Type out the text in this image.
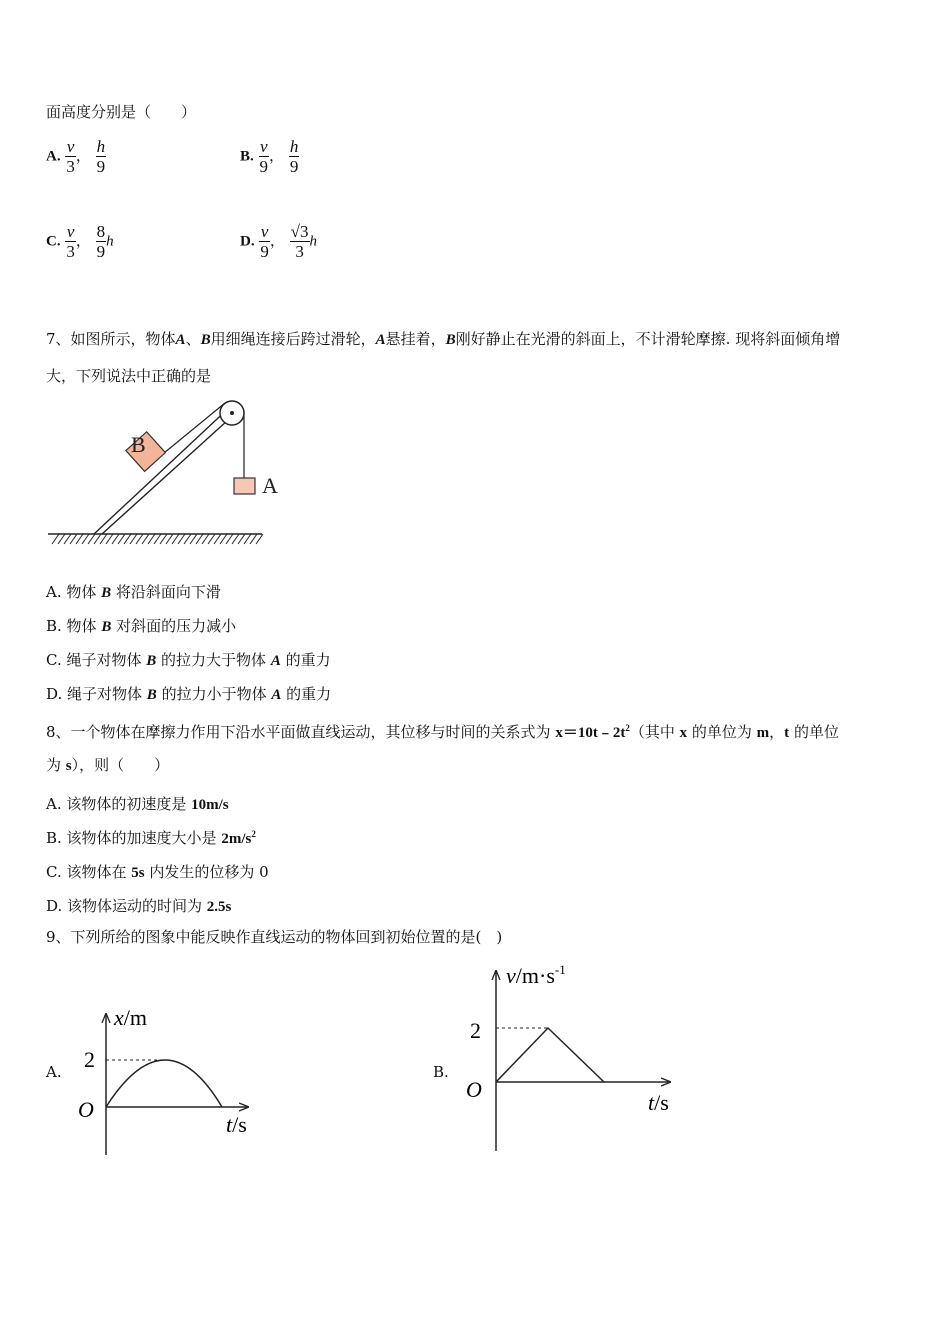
面高度分别是（　　）
A. $\frac{v}{3}$ ， $\frac{h}{9}$	B. $\frac{v}{9}$ ， $\frac{h}{9}$
C. $\frac{v}{3}$ ， $\frac{8}{9}$ h	D. $\frac{v}{9}$ ， $\frac{√3}{3}$ h
7、如图所示，物体A、B用细绳连接后跨过滑轮，A悬挂着，B刚好静止在光滑的斜面上，不计滑轮摩擦. 现将斜面倾角增
大，下列说法中正确的是
B
A
A. 物体 B 将沿斜面向下滑
B. 物体 B 对斜面的压力减小
C. 绳子对物体 B 的拉力大于物体 A 的重力
D. 绳子对物体 B 的拉力小于物体 A 的重力
8、一个物体在摩擦力作用下沿水平面做直线运动，其位移与时间的关系式为 $x=10t﹣2t^2$（其中 x 的单位为 m，t 的单位
为 s），则（　　）
A. 该物体的初速度是 10m/s
B. 该物体的加速度大小是 $2m/s^2$
C. 该物体在 5s 内发生的位移为 0
D. 该物体运动的时间为 2.5s
9、下列所给的图象中能反映作直线运动的物体回到初始位置的是(　)
A.
x/m
t/s
O
2	B.
$v/m\cdot s^{-1}$
t/s
O
2
